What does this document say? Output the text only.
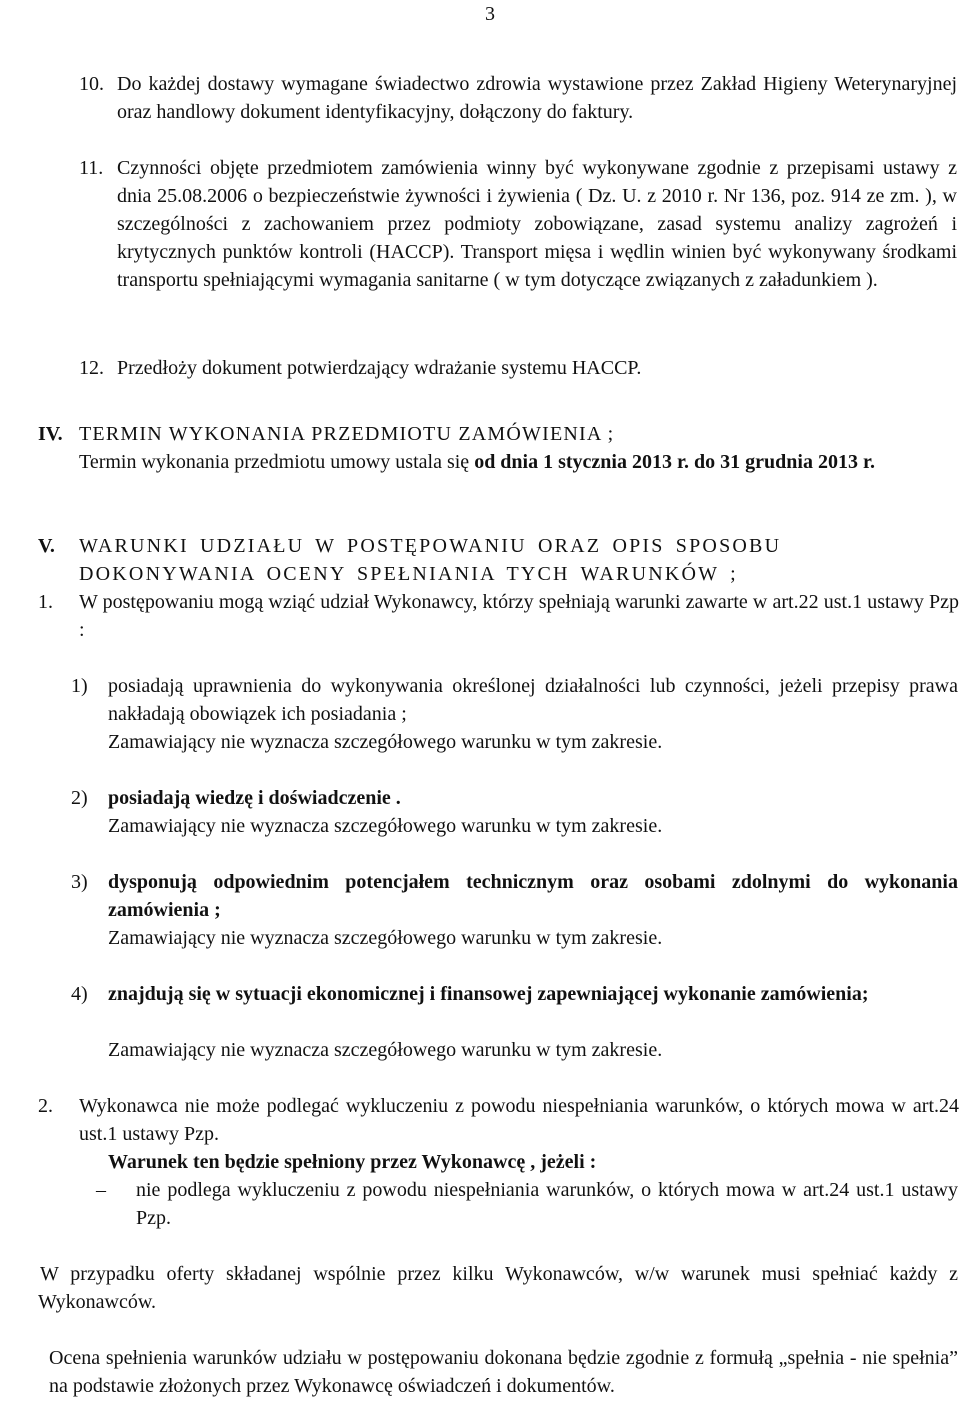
3
10. Do każdej dostawy wymagane świadectwo zdrowia wystawione przez Zakład Higieny Weterynaryjnej oraz handlowy dokument identyfikacyjny, dołączony do faktury.
11. Czynności objęte przedmiotem zamówienia winny być wykonywane zgodnie z przepisami ustawy z dnia 25.08.2006 o bezpieczeństwie żywności i żywienia ( Dz. U. z 2010 r. Nr 136, poz. 914 ze zm. ), w szczególności z zachowaniem przez podmioty zobowiązane, zasad systemu analizy zagrożeń i krytycznych punktów kontroli (HACCP). Transport mięsa i wędlin winien być wykonywany środkami transportu spełniającymi wymagania sanitarne ( w tym dotyczące związanych z załadunkiem ).
12. Przedłoży dokument potwierdzający wdrażanie systemu HACCP.
IV. TERMIN WYKONANIA PRZEDMIOTU ZAMÓWIENIA ;
Termin wykonania przedmiotu umowy ustala się od dnia 1 stycznia 2013 r. do 31 grudnia 2013 r.
V. WARUNKI UDZIAŁU W POSTĘPOWANIU ORAZ OPIS SPOSOBU
DOKONYWANIA OCENY SPEŁNIANIA TYCH WARUNKÓW ;
1. W postępowaniu mogą wziąć udział Wykonawcy, którzy spełniają warunki zawarte w art.22 ust.1 ustawy Pzp :
1) posiadają uprawnienia do wykonywania określonej działalności lub czynności, jeżeli przepisy prawa nakładają obowiązek ich posiadania ;
Zamawiający nie wyznacza szczegółowego warunku w tym zakresie.
2) posiadają wiedzę i doświadczenie .
Zamawiający nie wyznacza szczegółowego warunku w tym zakresie.
3) dysponują odpowiednim potencjałem technicznym oraz osobami zdolnymi do wykonania zamówienia ;
Zamawiający nie wyznacza szczegółowego warunku w tym zakresie.
4) znajdują się w sytuacji ekonomicznej i finansowej zapewniającej wykonanie zamówienia;
Zamawiający nie wyznacza szczegółowego warunku w tym zakresie.
2. Wykonawca nie może podlegać wykluczeniu z powodu niespełniania warunków, o których mowa w art.24 ust.1 ustawy Pzp.
Warunek ten będzie spełniony przez Wykonawcę , jeżeli :
– nie podlega wykluczeniu z powodu niespełniania warunków, o których mowa w art.24 ust.1 ustawy Pzp.
W przypadku oferty składanej wspólnie przez kilku Wykonawców, w/w warunek musi spełniać każdy z Wykonawców.
Ocena spełnienia warunków udziału w postępowaniu dokonana będzie zgodnie z formułą „spełnia - nie spełnia” na podstawie złożonych przez Wykonawcę oświadczeń i dokumentów.
